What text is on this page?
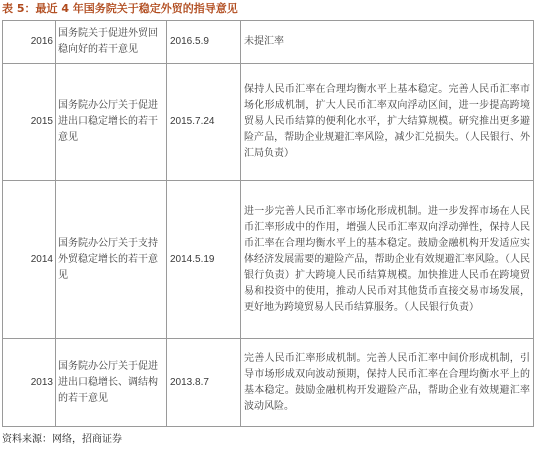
表 5：最近 4 年国务院关于稳定外贸的指导意见
2016	国务院关于促进外贸回稳向好的若干意见	2016.5.9	未提汇率
2015	国务院办公厅关于促进进出口稳定增长的若干意见	2015.7.24	保持人民币汇率在合理均衡水平上基本稳定。完善人民币汇率市场化形成机制，扩大人民币汇率双向浮动区间，进一步提高跨境贸易人民币结算的便利化水平，扩大结算规模。研究推出更多避险产品，帮助企业规避汇率风险，减少汇兑损失。（人民银行、外汇局负责）
2014	国务院办公厅关于支持外贸稳定增长的若干意见	2014.5.19	进一步完善人民币汇率市场化形成机制。进一步发挥市场在人民币汇率形成中的作用，增强人民币汇率双向浮动弹性，保持人民币汇率在合理均衡水平上的基本稳定。鼓励金融机构开发适应实体经济发展需要的避险产品，帮助企业有效规避汇率风险。（人民银行负责）扩大跨境人民币结算规模。加快推进人民币在跨境贸易和投资中的使用，推动人民币对其他货币直接交易市场发展，更好地为跨境贸易人民币结算服务。（人民银行负责）
2013	国务院办公厅关于促进进出口稳增长、调结构的若干意见	2013.8.7	完善人民币汇率形成机制。完善人民币汇率中间价形成机制，引导市场形成双向波动预期，保持人民币汇率在合理均衡水平上的基本稳定。鼓励金融机构开发避险产品，帮助企业有效规避汇率波动风险。
资料来源：网络，招商证券
